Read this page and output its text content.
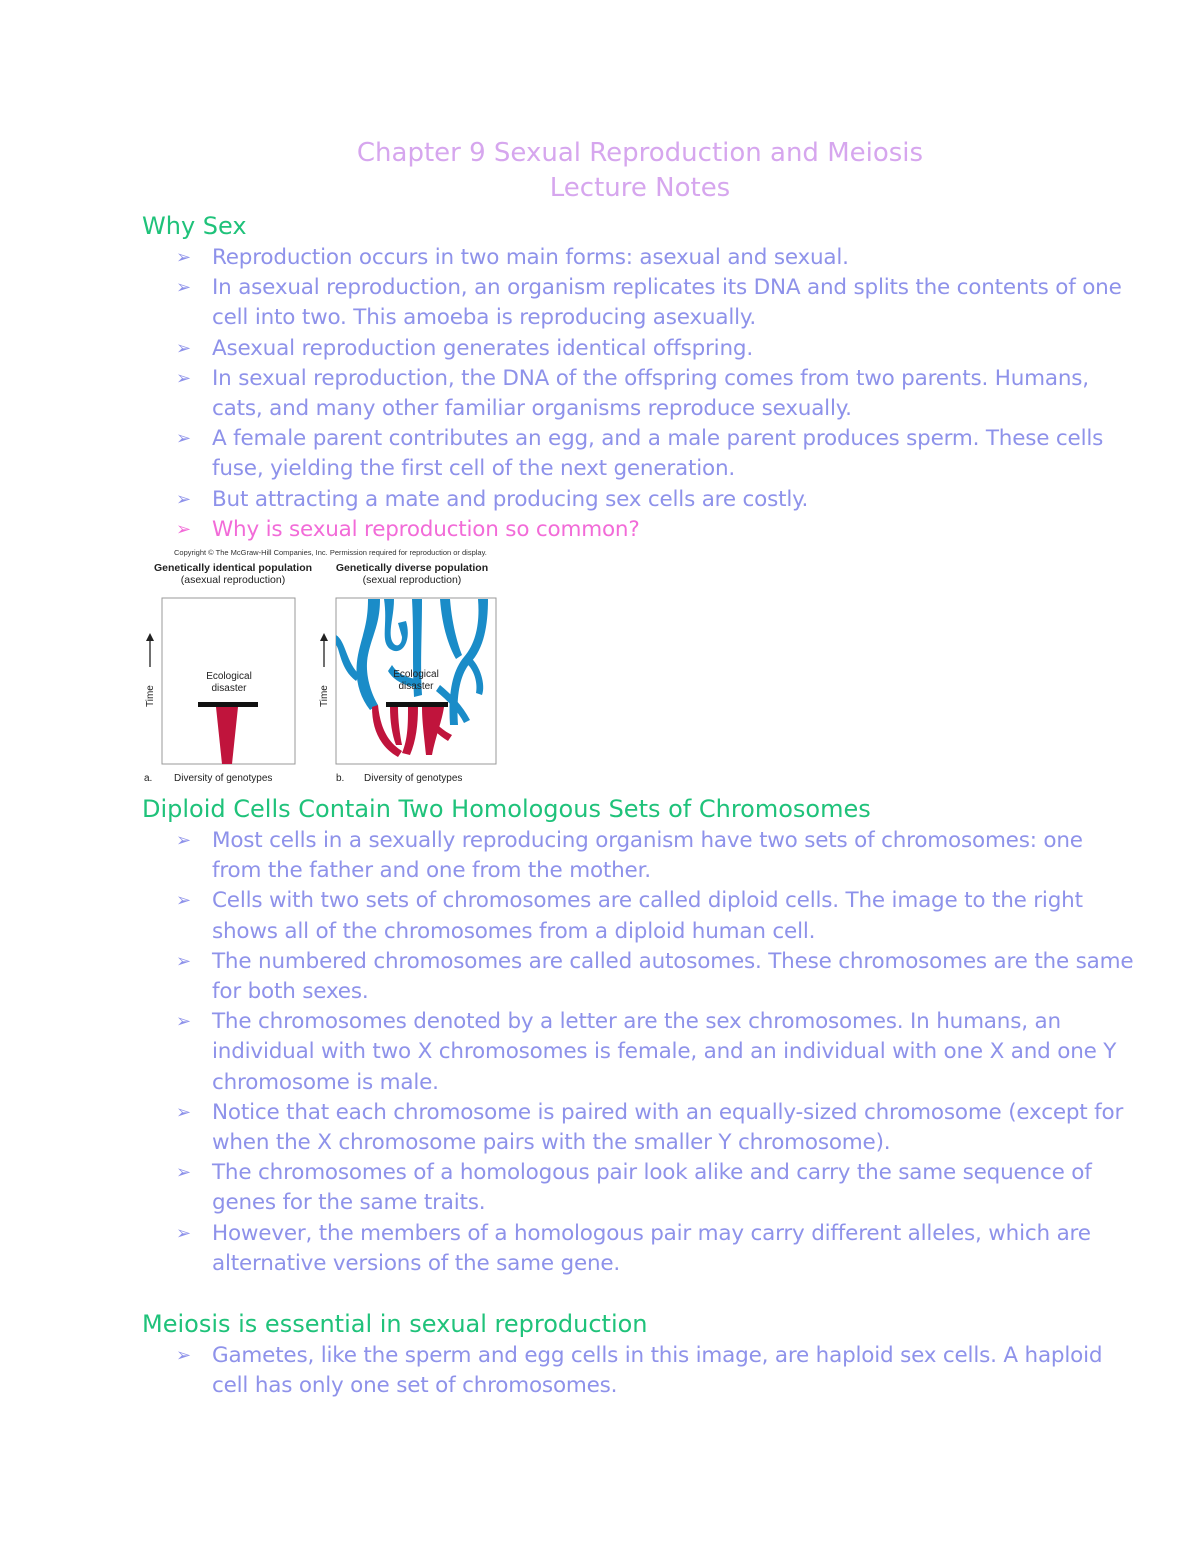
Chapter 9 Sexual Reproduction and Meiosis
Lecture Notes
Why Sex
➢ Reproduction occurs in two main forms: asexual and sexual.
➢ In asexual reproduction, an organism replicates its DNA and splits the contents of one cell into two. This amoeba is reproducing asexually.
➢ Asexual reproduction generates identical offspring.
➢ In sexual reproduction, the DNA of the offspring comes from two parents. Humans, cats, and many other familiar organisms reproduce sexually.
➢ A female parent contributes an egg, and a male parent produces sperm. These cells fuse, yielding the first cell of the next generation.
➢ But attracting a mate and producing sex cells are costly.
➢ Why is sexual reproduction so common?
Copyright © The McGraw-Hill Companies, Inc. Permission required for reproduction or display.
Genetically identical population
(asexual reproduction)
Genetically diverse population
(sexual reproduction)
Ecological disaster
Ecological disaster
Time	Time
a. Diversity of genotypes	b. Diversity of genotypes
Diploid Cells Contain Two Homologous Sets of Chromosomes
➢ Most cells in a sexually reproducing organism have two sets of chromosomes: one from the father and one from the mother.
➢ Cells with two sets of chromosomes are called diploid cells. The image to the right shows all of the chromosomes from a diploid human cell.
➢ The numbered chromosomes are called autosomes. These chromosomes are the same for both sexes.
➢ The chromosomes denoted by a letter are the sex chromosomes. In humans, an individual with two X chromosomes is female, and an individual with one X and one Y chromosome is male.
➢ Notice that each chromosome is paired with an equally-sized chromosome (except for when the X chromosome pairs with the smaller Y chromosome).
➢ The chromosomes of a homologous pair look alike and carry the same sequence of genes for the same traits.
➢ However, the members of a homologous pair may carry different alleles, which are alternative versions of the same gene.
Meiosis is essential in sexual reproduction
➢ Gametes, like the sperm and egg cells in this image, are haploid sex cells. A haploid cell has only one set of chromosomes.
